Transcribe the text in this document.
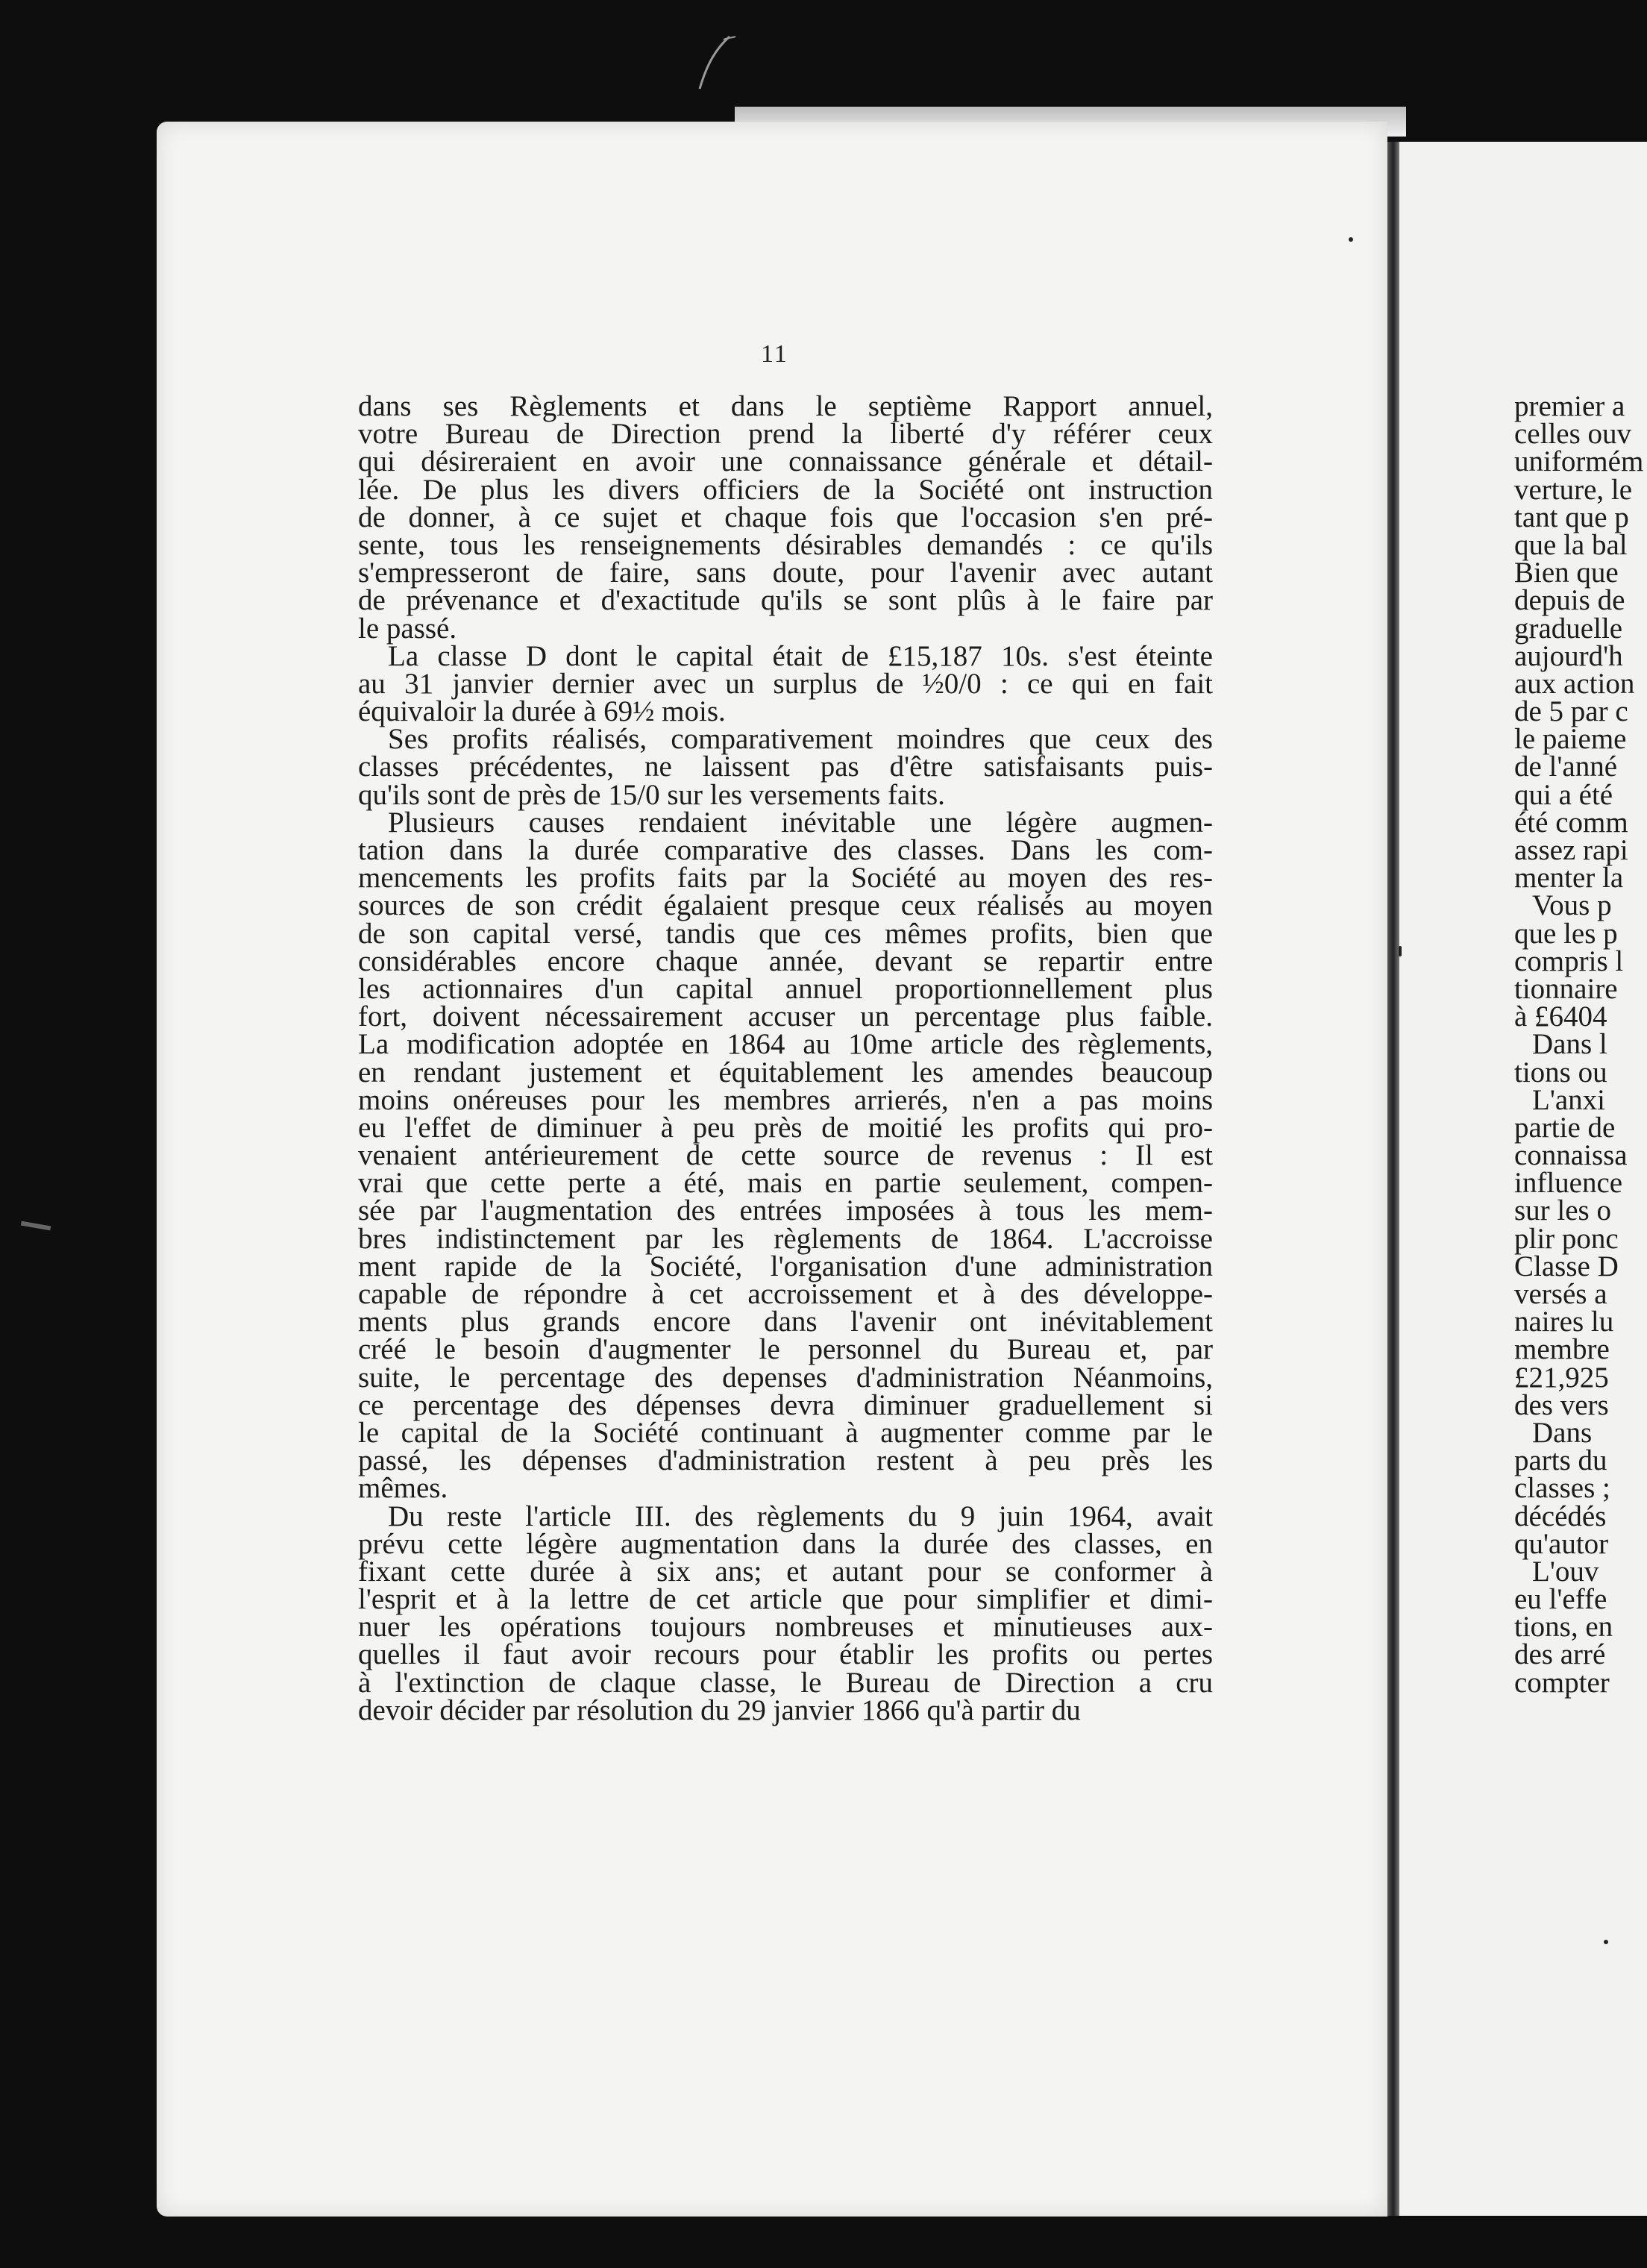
11
dans ses Règlements et dans le septième Rapport annuel,
votre Bureau de Direction prend la liberté d'y référer ceux
qui désireraient en avoir une connaissance générale et détail-
lée. De plus les divers officiers de la Société ont instruction
de donner, à ce sujet et chaque fois que l'occasion s'en pré-
sente, tous les renseignements désirables demandés : ce qu'ils
s'empresseront de faire, sans doute, pour l'avenir avec autant
de prévenance et d'exactitude qu'ils se sont plûs à le faire par
le passé.
La classe D dont le capital était de £15,187 10s. s'est éteinte
au 31 janvier dernier avec un surplus de ½0/0 : ce qui en fait
équivaloir la durée à 69½ mois.
Ses profits réalisés, comparativement moindres que ceux des
classes précédentes, ne laissent pas d'être satisfaisants puis-
qu'ils sont de près de 15/0 sur les versements faits.
Plusieurs causes rendaient inévitable une légère augmen-
tation dans la durée comparative des classes. Dans les com-
mencements les profits faits par la Société au moyen des res-
sources de son crédit égalaient presque ceux réalisés au moyen
de son capital versé, tandis que ces mêmes profits, bien que
considérables encore chaque année, devant se repartir entre
les actionnaires d'un capital annuel proportionnellement plus
fort, doivent nécessairement accuser un percentage plus faible.
La modification adoptée en 1864 au 10me article des règlements,
en rendant justement et équitablement les amendes beaucoup
moins onéreuses pour les membres arrierés, n'en a pas moins
eu l'effet de diminuer à peu près de moitié les profits qui pro-
venaient antérieurement de cette source de revenus : Il est
vrai que cette perte a été, mais en partie seulement, compen-
sée par l'augmentation des entrées imposées à tous les mem-
bres indistinctement par les règlements de 1864. L'accroisse
ment rapide de la Société, l'organisation d'une administration
capable de répondre à cet accroissement et à des développe-
ments plus grands encore dans l'avenir ont inévitablement
créé le besoin d'augmenter le personnel du Bureau et, par
suite, le percentage des depenses d'administration Néanmoins,
ce percentage des dépenses devra diminuer graduellement si
le capital de la Société continuant à augmenter comme par le
passé, les dépenses d'administration restent à peu près les
mêmes.
Du reste l'article III. des règlements du 9 juin 1964, avait
prévu cette légère augmentation dans la durée des classes, en
fixant cette durée à six ans; et autant pour se conformer à
l'esprit et à la lettre de cet article que pour simplifier et dimi-
nuer les opérations toujours nombreuses et minutieuses aux-
quelles il faut avoir recours pour établir les profits ou pertes
à l'extinction de claque classe, le Bureau de Direction a cru
devoir décider par résolution du 29 janvier 1866 qu'à partir du
premier a
celles ouv
uniformém
verture, le
tant que p
que la bal
Bien que
depuis de
graduelle
aujourd'h
aux action
de 5 par c
le paieme
de l'anné
qui a été
été comm
assez rapi
menter la
Vous p
que les p
compris l
tionnaire
à £6404
Dans l
tions ou
L'anxi
partie de
connaissa
influence
sur les o
plir ponc
Classe D
versés a
naires lu
membre
£21,925
des vers
Dans
parts du
classes ;
décédés
qu'autor
L'ouv
eu l'effe
tions, en
des arré
compter
